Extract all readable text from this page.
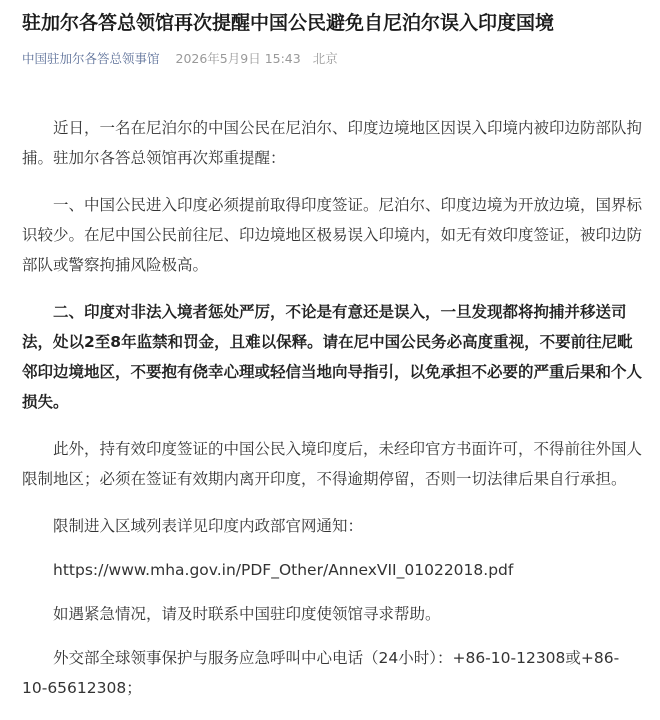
驻加尔各答总领馆再次提醒中国公民避免自尼泊尔误入印度国境
中国驻加尔各答总领事馆 2026年5月9日 15:43 北京

近日，一名在尼泊尔的中国公民在尼泊尔、印度边境地区因误入印境内被印边防部队拘捕。驻加尔各答总领馆再次郑重提醒：

一、中国公民进入印度必须提前取得印度签证。尼泊尔、印度边境为开放边境，国界标识较少。在尼中国公民前往尼、印边境地区极易误入印境内，如无有效印度签证，被印边防部队或警察拘捕风险极高。

二、印度对非法入境者惩处严厉，不论是有意还是误入，一旦发现都将拘捕并移送司法，处以2至8年监禁和罚金，且难以保释。请在尼中国公民务必高度重视，不要前往尼毗邻印边境地区，不要抱有侥幸心理或轻信当地向导指引，以免承担不必要的严重后果和个人损失。

此外，持有效印度签证的中国公民入境印度后，未经印官方书面许可，不得前往外国人限制地区；必须在签证有效期内离开印度，不得逾期停留，否则一切法律后果自行承担。

限制进入区域列表详见印度内政部官网通知：

https://www.mha.gov.in/PDF_Other/AnnexVII_01022018.pdf

如遇紧急情况，请及时联系中国驻印度使领馆寻求帮助。

外交部全球领事保护与服务应急呼叫中心电话（24小时）：+86-10-12308或+86-10-65612308；
